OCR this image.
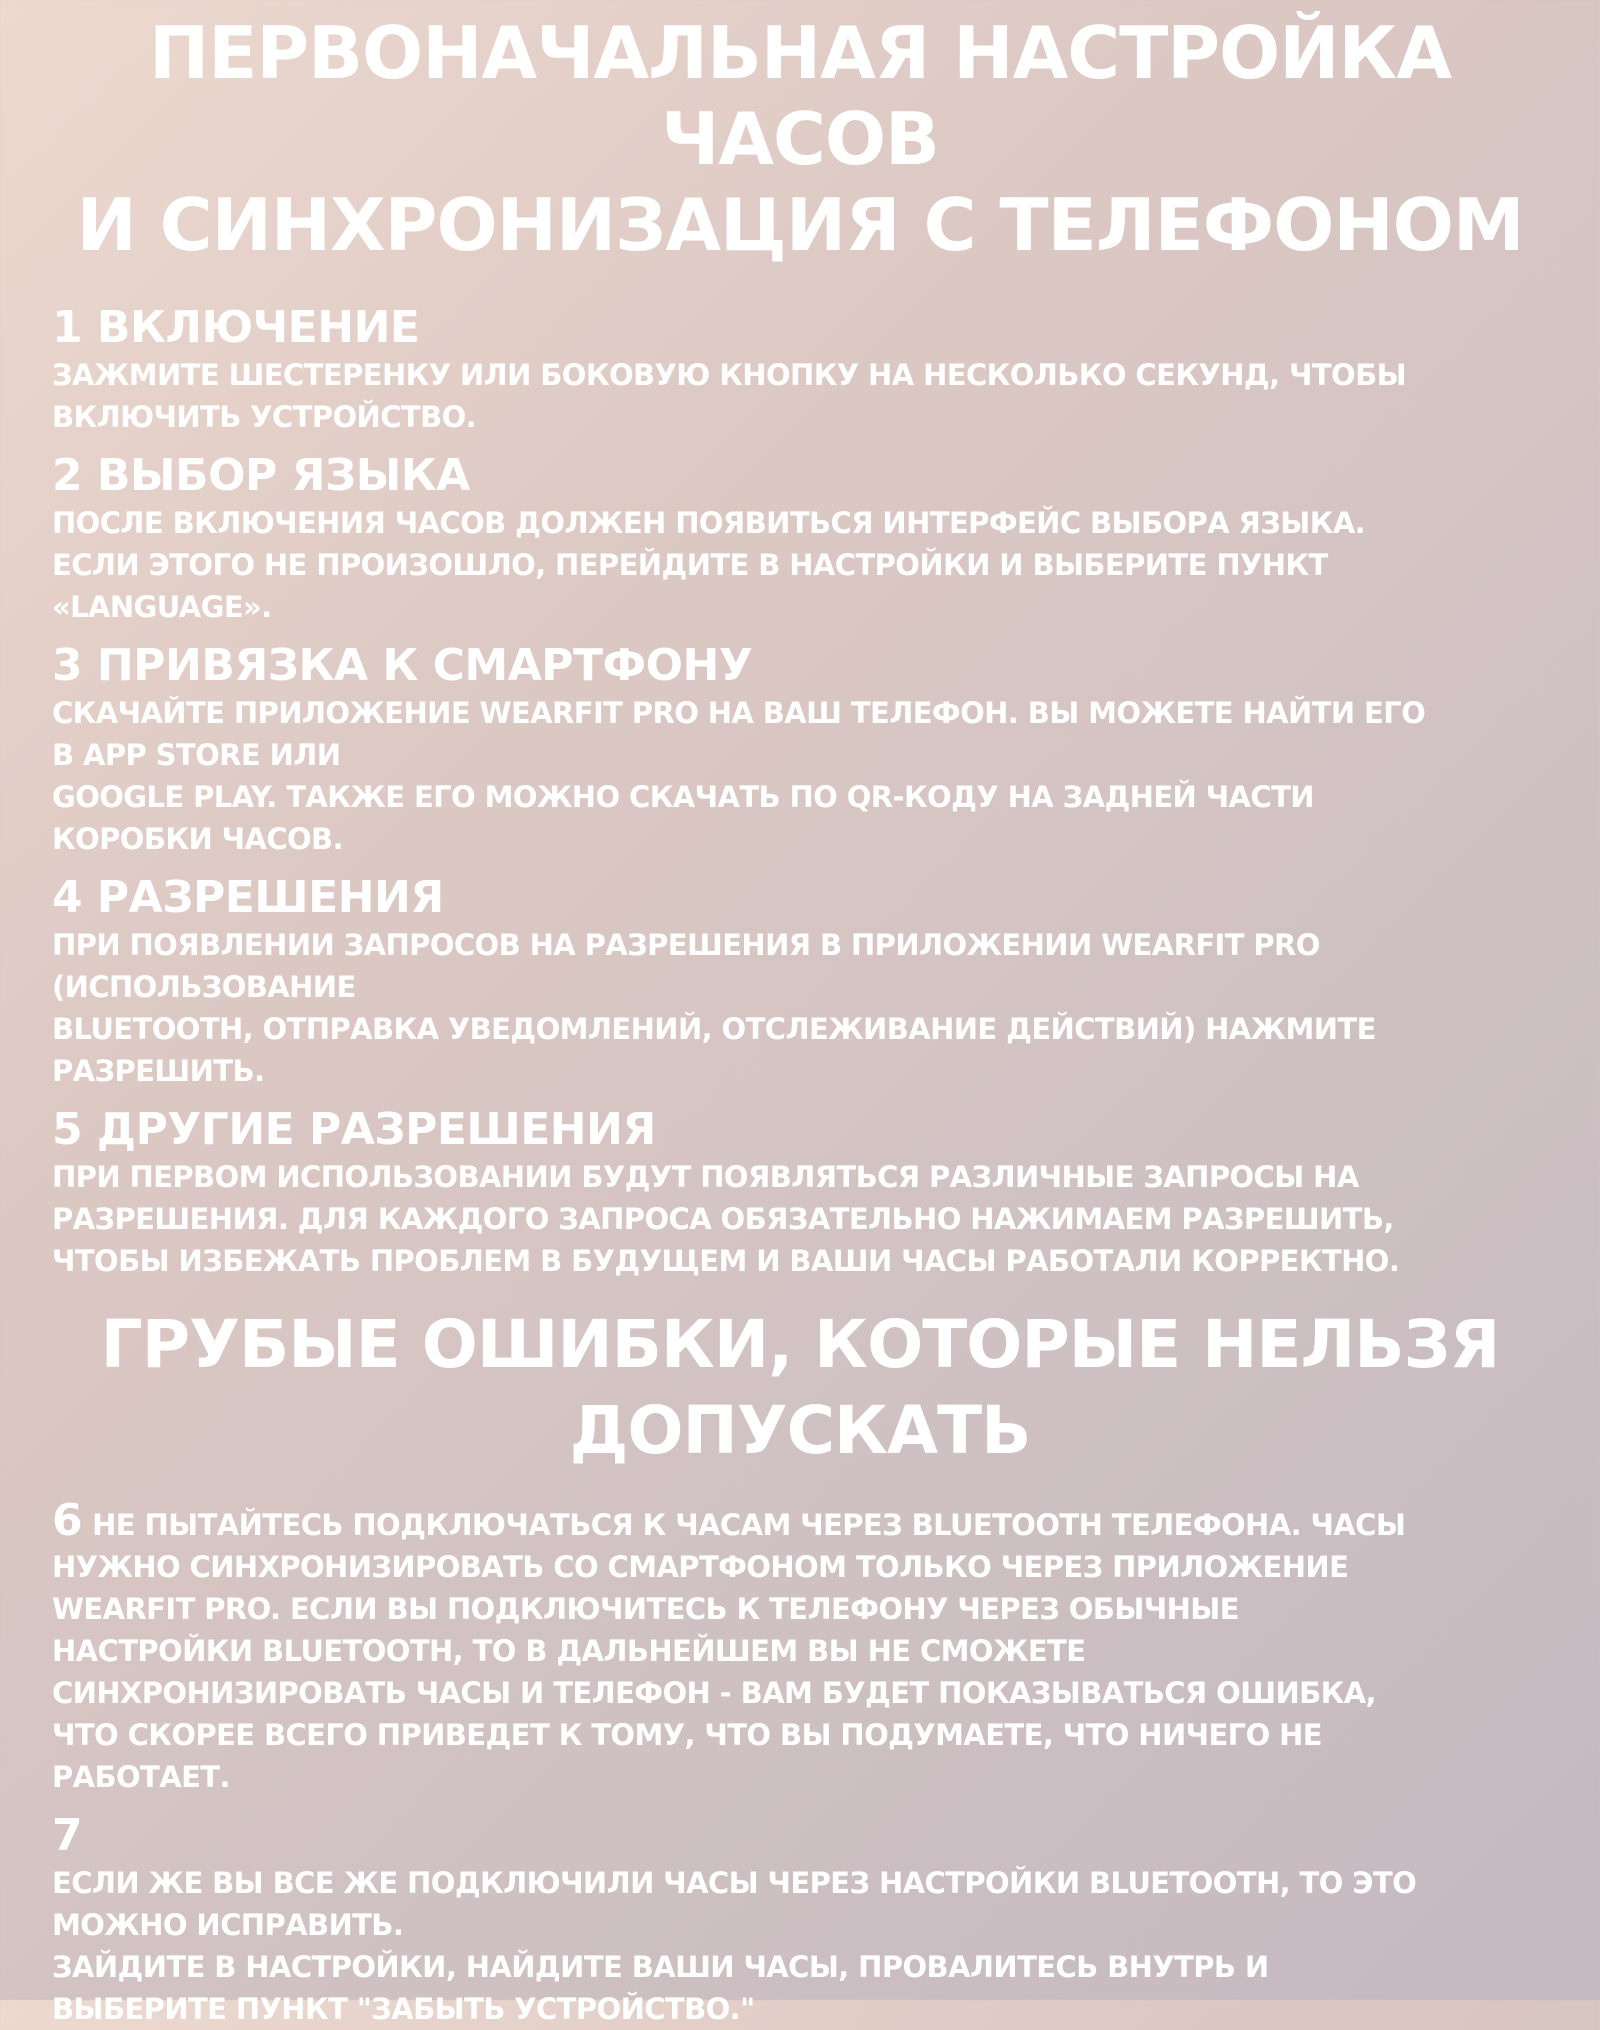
ПЕРВОНАЧАЛЬНАЯ НАСТРОЙКА ЧАСОВ
И СИНХРОНИЗАЦИЯ С ТЕЛЕФОНОМ
1 ВКЛЮЧЕНИЕ

ЗАЖМИТЕ ШЕСТЕРЕНКУ ИЛИ БОКОВУЮ КНОПКУ НА НЕСКОЛЬКО СЕКУНД, ЧТОБЫ
ВКЛЮЧИТЬ УСТРОЙСТВО.

2 ВЫБОР ЯЗЫКА

ПОСЛЕ ВКЛЮЧЕНИЯ ЧАСОВ ДОЛЖЕН ПОЯВИТЬСЯ ИНТЕРФЕЙС ВЫБОРА ЯЗЫКА.
ЕСЛИ ЭТОГО НЕ ПРОИЗОШЛО, ПЕРЕЙДИТЕ В НАСТРОЙКИ И ВЫБЕРИТЕ ПУНКТ
«LANGUAGE».

3 ПРИВЯЗКА К СМАРТФОНУ

СКАЧАЙТЕ ПРИЛОЖЕНИЕ WEARFIT PRO НА ВАШ ТЕЛЕФОН. ВЫ МОЖЕТЕ НАЙТИ ЕГО
В APP STORE ИЛИ
GOOGLE PLAY. ТАКЖЕ ЕГО МОЖНО СКАЧАТЬ ПО QR-КОДУ НА ЗАДНЕЙ ЧАСТИ
КОРОБКИ ЧАСОВ.

4 РАЗРЕШЕНИЯ

ПРИ ПОЯВЛЕНИИ ЗАПРОСОВ НА РАЗРЕШЕНИЯ В ПРИЛОЖЕНИИ WEARFIT PRO
(ИСПОЛЬЗОВАНИЕ
BLUETOOTH, ОТПРАВКА УВЕДОМЛЕНИЙ, ОТСЛЕЖИВАНИЕ ДЕЙСТВИЙ) НАЖМИТЕ
РАЗРЕШИТЬ.

5 ДРУГИЕ РАЗРЕШЕНИЯ

ПРИ ПЕРВОМ ИСПОЛЬЗОВАНИИ БУДУТ ПОЯВЛЯТЬСЯ РАЗЛИЧНЫЕ ЗАПРОСЫ НА
РАЗРЕШЕНИЯ. ДЛЯ КАЖДОГО ЗАПРОСА ОБЯЗАТЕЛЬНО НАЖИМАЕМ РАЗРЕШИТЬ,
ЧТОБЫ ИЗБЕЖАТЬ ПРОБЛЕМ В БУДУЩЕМ И ВАШИ ЧАСЫ РАБОТАЛИ КОРРЕКТНО.

ГРУБЫЕ ОШИБКИ, КОТОРЫЕ НЕЛЬЗЯ
ДОПУСКАТЬ
6 НЕ ПЫТАЙТЕСЬ ПОДКЛЮЧАТЬСЯ К ЧАСАМ ЧЕРЕЗ BLUETOOTH ТЕЛЕФОНА. ЧАСЫ
НУЖНО СИНХРОНИЗИРОВАТЬ СО СМАРТФОНОМ ТОЛЬКО ЧЕРЕЗ ПРИЛОЖЕНИЕ
WEARFIT PRO. ЕСЛИ ВЫ ПОДКЛЮЧИТЕСЬ К ТЕЛЕФОНУ ЧЕРЕЗ ОБЫЧНЫЕ
НАСТРОЙКИ BLUETOOTH, ТО В ДАЛЬНЕЙШЕМ ВЫ НЕ СМОЖЕТЕ
СИНХРОНИЗИРОВАТЬ ЧАСЫ И ТЕЛЕФОН - ВАМ БУДЕТ ПОКАЗЫВАТЬСЯ ОШИБКА,
ЧТО СКОРЕЕ ВСЕГО ПРИВЕДЕТ К ТОМУ, ЧТО ВЫ ПОДУМАЕТЕ, ЧТО НИЧЕГО НЕ
РАБОТАЕТ.
7
ЕСЛИ ЖЕ ВЫ ВСЕ ЖЕ ПОДКЛЮЧИЛИ ЧАСЫ ЧЕРЕЗ НАСТРОЙКИ BLUETOOTH, ТО ЭТО
МОЖНО ИСПРАВИТЬ.
ЗАЙДИТЕ В НАСТРОЙКИ, НАЙДИТЕ ВАШИ ЧАСЫ, ПРОВАЛИТЕСЬ ВНУТРЬ И
ВЫБЕРИТЕ ПУНКТ "ЗАБЫТЬ УСТРОЙСТВО."
